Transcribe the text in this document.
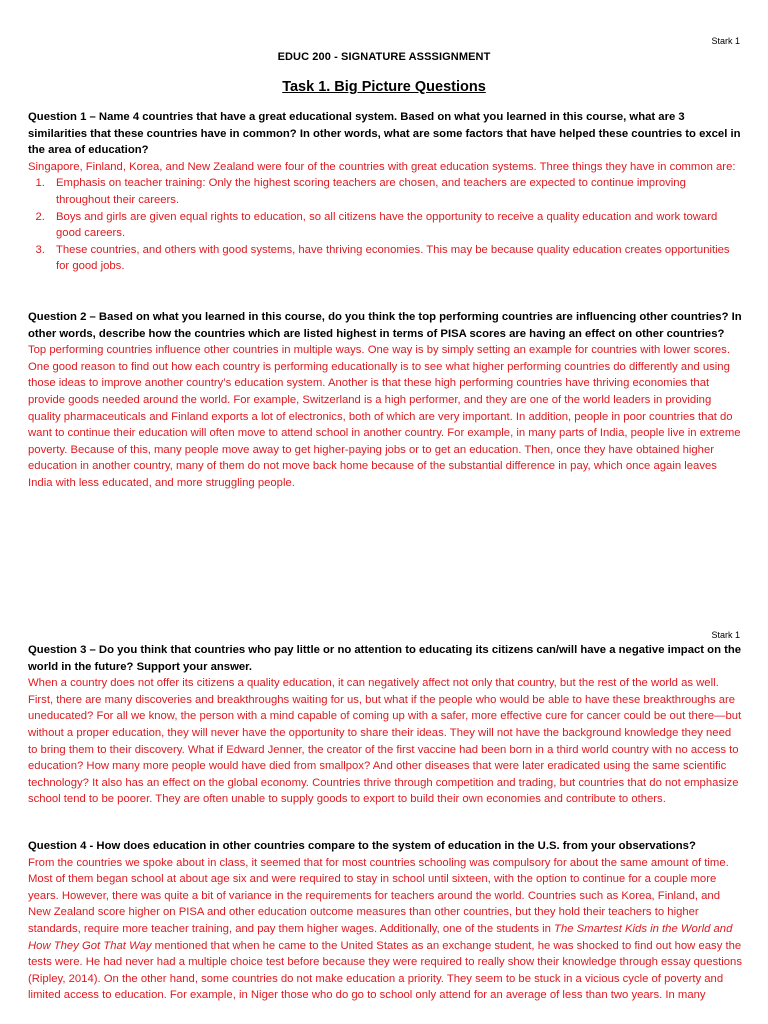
Stark 1
EDUC 200 - SIGNATURE ASSSIGNMENT
Task 1. Big Picture Questions
Question 1 – Name 4 countries that have a great educational system. Based on what you learned in this course, what are 3 similarities that these countries have in common? In other words, what are some factors that have helped these countries to excel in the area of education?

Singapore, Finland, Korea, and New Zealand were four of the countries with great education systems. Three things they have in common are:

1. Emphasis on teacher training: Only the highest scoring teachers are chosen, and teachers are expected to continue improving throughout their careers.
2. Boys and girls are given equal rights to education, so all citizens have the opportunity to receive a quality education and work toward good careers.
3. These countries, and others with good systems, have thriving economies. This may be because quality education creates opportunities for good jobs.
Question 2 – Based on what you learned in this course, do you think the top performing countries are influencing other countries? In other words, describe how the countries which are listed highest in terms of PISA scores are having an effect on other countries?
Top performing countries influence other countries in multiple ways. One way is by simply setting an example for countries with lower scores. One good reason to find out how each country is performing educationally is to see what higher performing countries do differently and using those ideas to improve another country’s education system. Another is that these high performing countries have thriving economies that provide goods needed around the world. For example, Switzerland is a high performer, and they are one of the world leaders in providing quality pharmaceuticals and Finland exports a lot of electronics, both of which are very important. In addition, people in poor countries that do want to continue their education will often move to attend school in another country. For example, in many parts of India, people live in extreme poverty. Because of this, many people move away to get higher-paying jobs or to get an education. Then, once they have obtained higher education in another country, many of them do not move back home because of the substantial difference in pay, which once again leaves India with less educated, and more struggling people.
Stark 1
Question 3 – Do you think that countries who pay little or no attention to educating its citizens can/will have a negative impact on the world in the future? Support your answer.
When a country does not offer its citizens a quality education, it can negatively affect not only that country, but the rest of the world as well. First, there are many discoveries and breakthroughs waiting for us, but what if the people who would be able to have these breakthroughs are uneducated? For all we know, the person with a mind capable of coming up with a safer, more effective cure for cancer could be out there—but without a proper education, they will never have the opportunity to share their ideas. They will not have the background knowledge they need to bring them to their discovery. What if Edward Jenner, the creator of the first vaccine had been born in a third world country with no access to education? How many more people would have died from smallpox? And other diseases that were later eradicated using the same scientific technology? It also has an effect on the global economy. Countries thrive through competition and trading, but countries that do not emphasize school tend to be poorer. They are often unable to supply goods to export to build their own economies and contribute to others.
Question 4 - How does education in other countries compare to the system of education in the U.S. from your observations?
From the countries we spoke about in class, it seemed that for most countries schooling was compulsory for about the same amount of time. Most of them began school at about age six and were required to stay in school until sixteen, with the option to continue for a couple more years. However, there was quite a bit of variance in the requirements for teachers around the world. Countries such as Korea, Finland, and New Zealand score higher on PISA and other education outcome measures than other countries, but they hold their teachers to higher standards, require more teacher training, and pay them higher wages. Additionally, one of the students in The Smartest Kids in the World and How They Got That Way mentioned that when he came to the United States as an exchange student, he was shocked to find out how easy the tests were. He had never had a multiple choice test before because they were required to really show their knowledge through essay questions (Ripley, 2014). On the other hand, some countries do not make education a priority. They seem to be stuck in a vicious cycle of poverty and limited access to education. For example, in Niger those who do go to school only attend for an average of less than two years. In many
